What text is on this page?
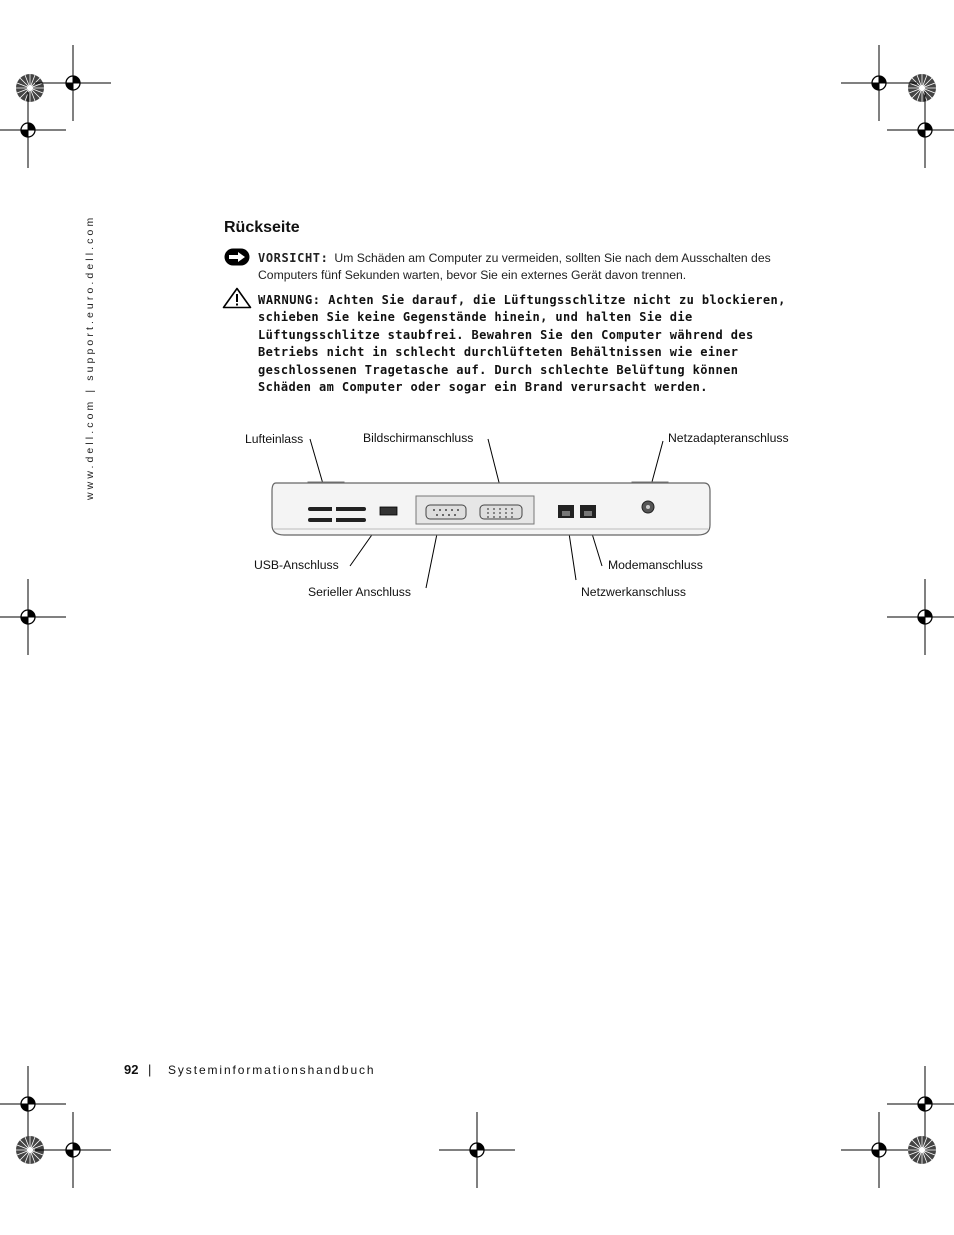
www.dell.com | support.euro.dell.com	Rückseite
VORSICHT: Um Schäden am Computer zu vermeiden, sollten Sie nach dem Ausschalten des Computers fünf Sekunden warten, bevor Sie ein externes Gerät davon trennen.
WARNUNG: Achten Sie darauf, die Lüftungsschlitze nicht zu blockieren, schieben Sie keine Gegenstände hinein, und halten Sie die Lüftungsschlitze staubfrei. Bewahren Sie den Computer während des Betriebs nicht in schlecht durchlüfteten Behältnissen wie einer geschlossenen Tragetasche auf. Durch schlechte Belüftung können Schäden am Computer oder sogar ein Brand verursacht werden.
Lufteinlass	Bildschirmanschluss	Netzadapteranschluss
USB-Anschluss	Modemanschluss
Serieller Anschluss	Netzwerkanschluss
92 | Systeminformationshandbuch
